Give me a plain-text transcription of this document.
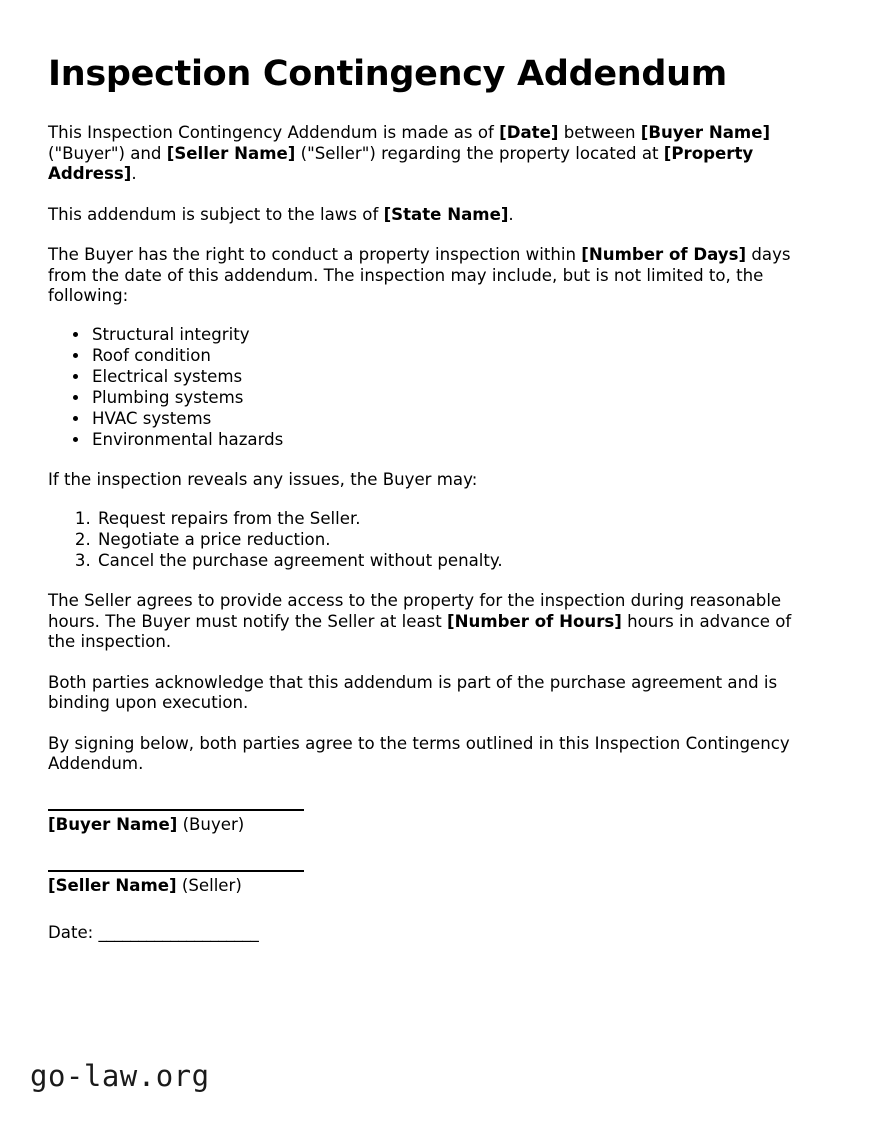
Inspection Contingency Addendum

This Inspection Contingency Addendum is made as of [Date] between [Buyer Name] ("Buyer") and [Seller Name] ("Seller") regarding the property located at [Property Address].

This addendum is subject to the laws of [State Name].

The Buyer has the right to conduct a property inspection within [Number of Days] days from the date of this addendum. The inspection may include, but is not limited to, the following:

• Structural integrity
• Roof condition
• Electrical systems
• Plumbing systems
• HVAC systems
• Environmental hazards

If the inspection reveals any issues, the Buyer may:

1. Request repairs from the Seller.
2. Negotiate a price reduction.
3. Cancel the purchase agreement without penalty.

The Seller agrees to provide access to the property for the inspection during reasonable hours. The Buyer must notify the Seller at least [Number of Hours] hours in advance of the inspection.

Both parties acknowledge that this addendum is part of the purchase agreement and is binding upon execution.

By signing below, both parties agree to the terms outlined in this Inspection Contingency Addendum.

[Buyer Name] (Buyer)
[Seller Name] (Seller)
Date: ____________________
go-law.org
